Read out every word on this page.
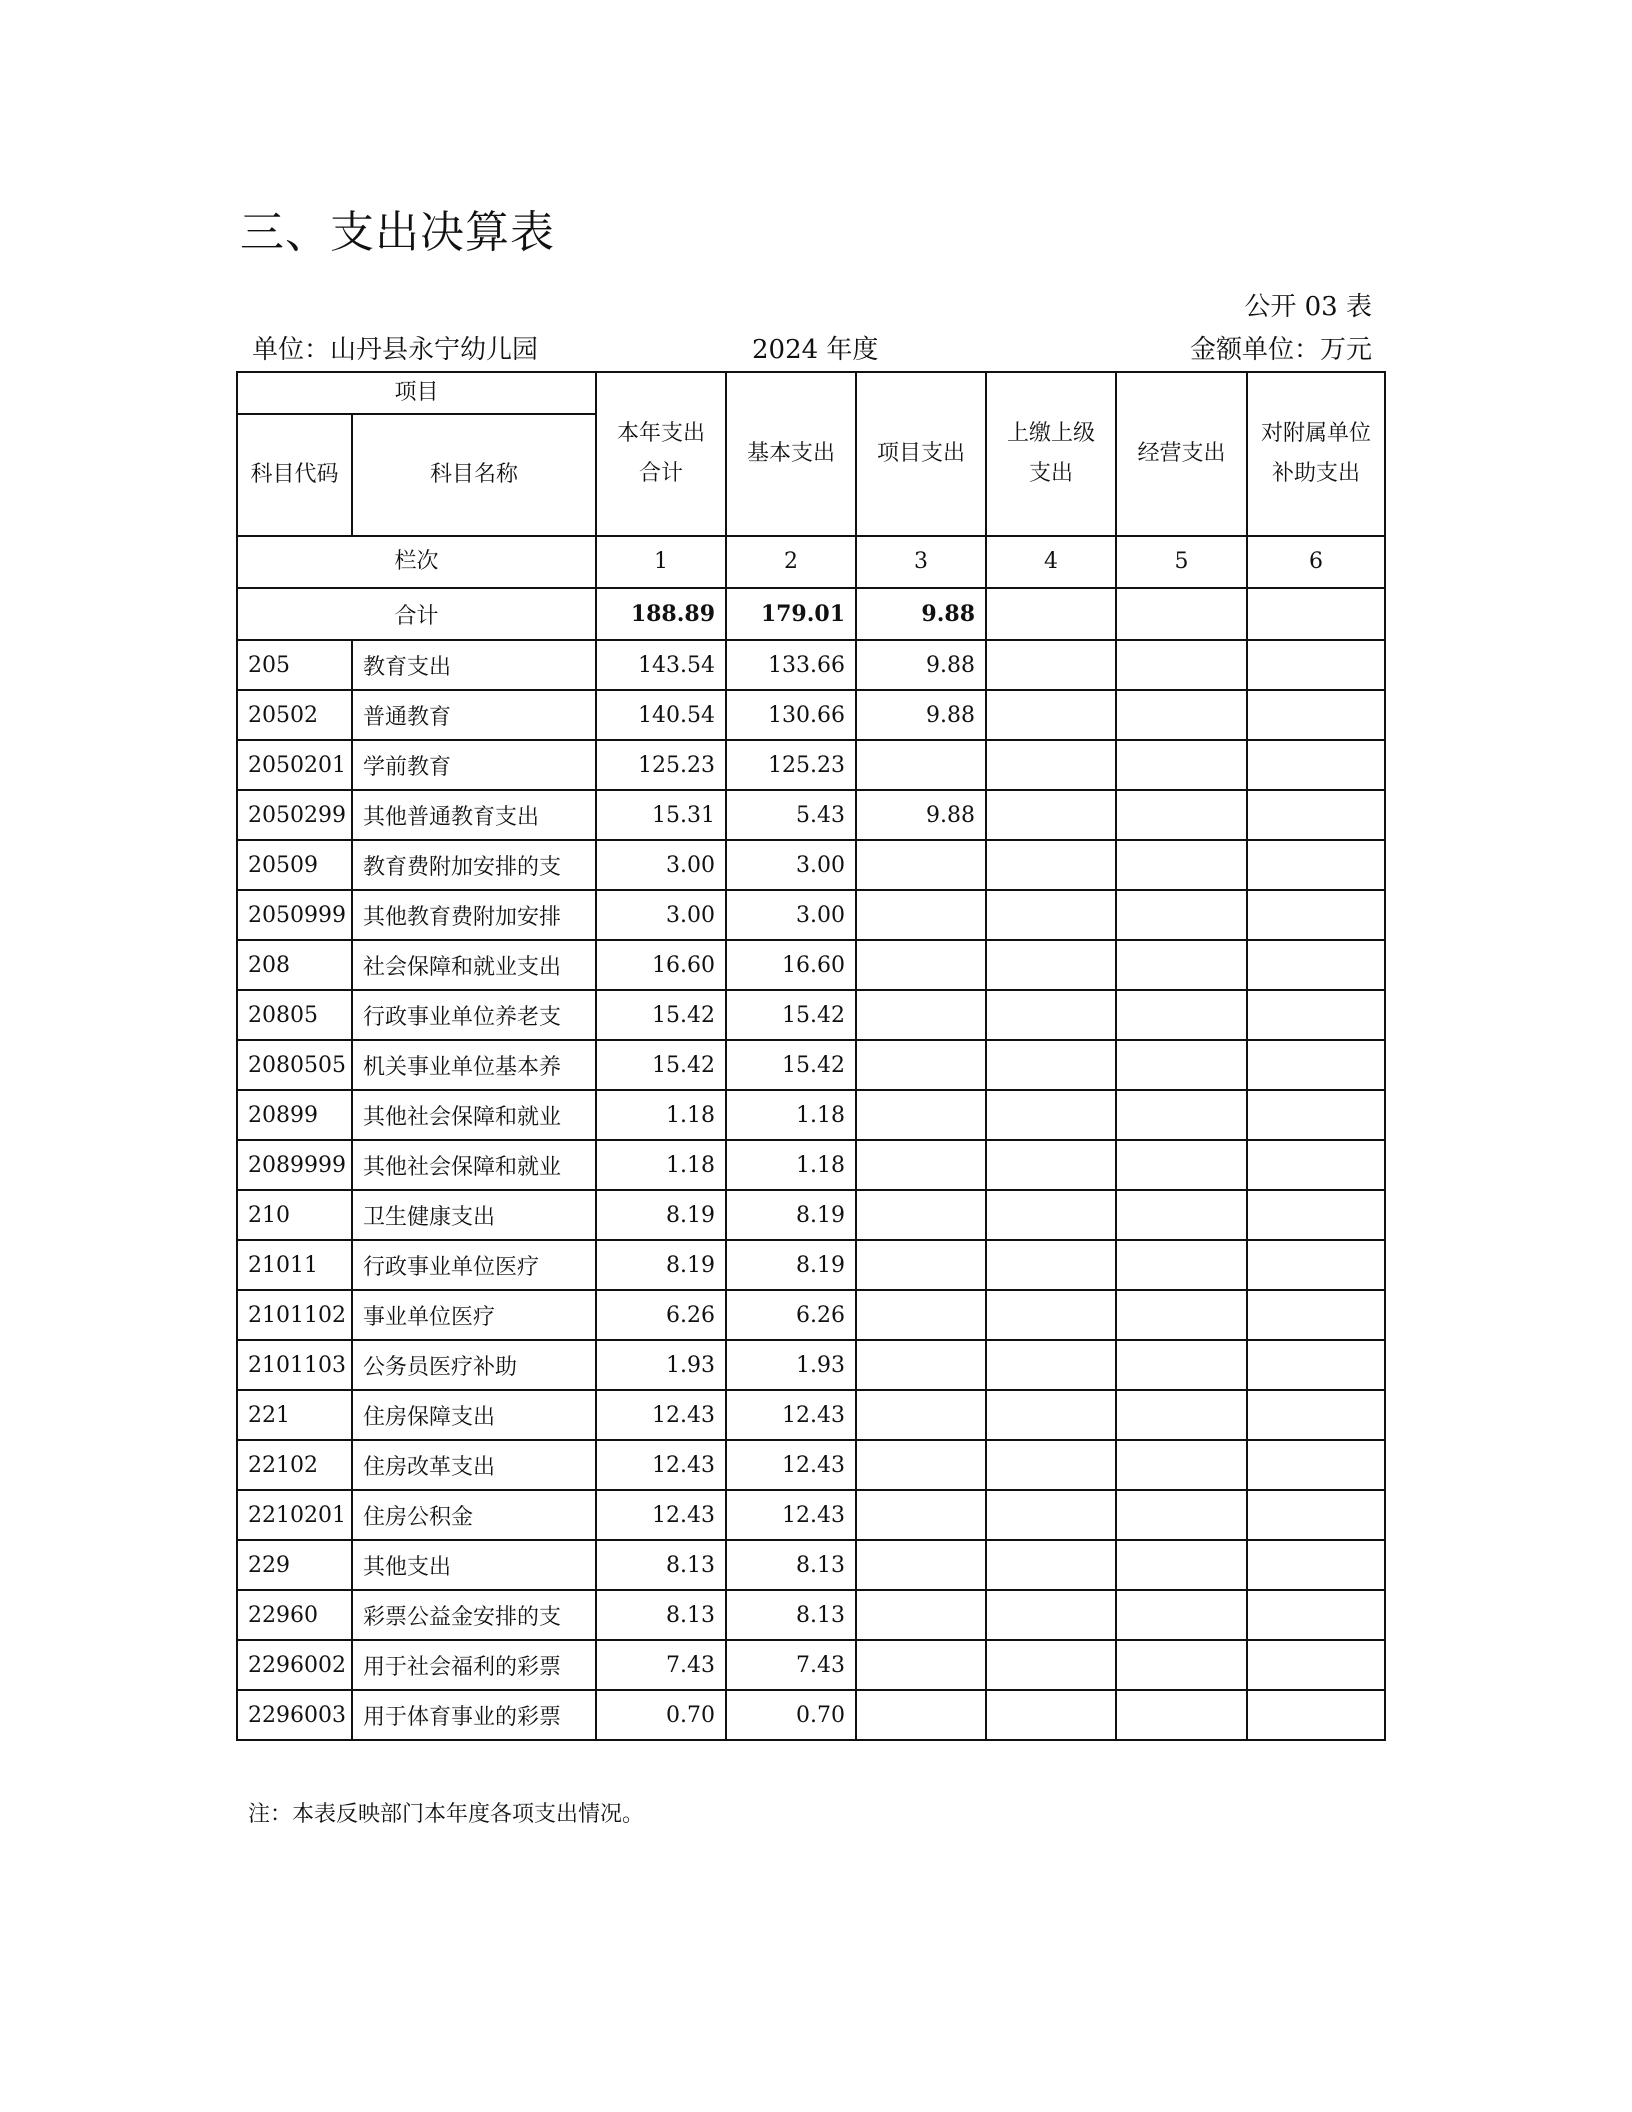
三、支出决算表
公开 03 表
单位：山丹县永宁幼儿园	2024 年度	金额单位：万元
项目		本年支出合计	基本支出	项目支出	上缴上级支出	经营支出	对附属单位补助支出
科目代码	科目名称						
栏次		1	2	3	4	5	6
合计		188.89	179.01	9.88			
205	教育支出	143.54	133.66	9.88			
20502	普通教育	140.54	130.66	9.88			
2050201	学前教育	125.23	125.23				
2050299	其他普通教育支出	15.31	5.43	9.88			
20509	教育费附加安排的支	3.00	3.00				
2050999	其他教育费附加安排	3.00	3.00				
208	社会保障和就业支出	16.60	16.60				
20805	行政事业单位养老支	15.42	15.42				
2080505	机关事业单位基本养	15.42	15.42				
20899	其他社会保障和就业	1.18	1.18				
2089999	其他社会保障和就业	1.18	1.18				
210	卫生健康支出	8.19	8.19				
21011	行政事业单位医疗	8.19	8.19				
2101102	事业单位医疗	6.26	6.26				
2101103	公务员医疗补助	1.93	1.93				
221	住房保障支出	12.43	12.43				
22102	住房改革支出	12.43	12.43				
2210201	住房公积金	12.43	12.43				
229	其他支出	8.13	8.13				
22960	彩票公益金安排的支	8.13	8.13				
2296002	用于社会福利的彩票	7.43	7.43				
2296003	用于体育事业的彩票	0.70	0.70				
注：本表反映部门本年度各项支出情况。
